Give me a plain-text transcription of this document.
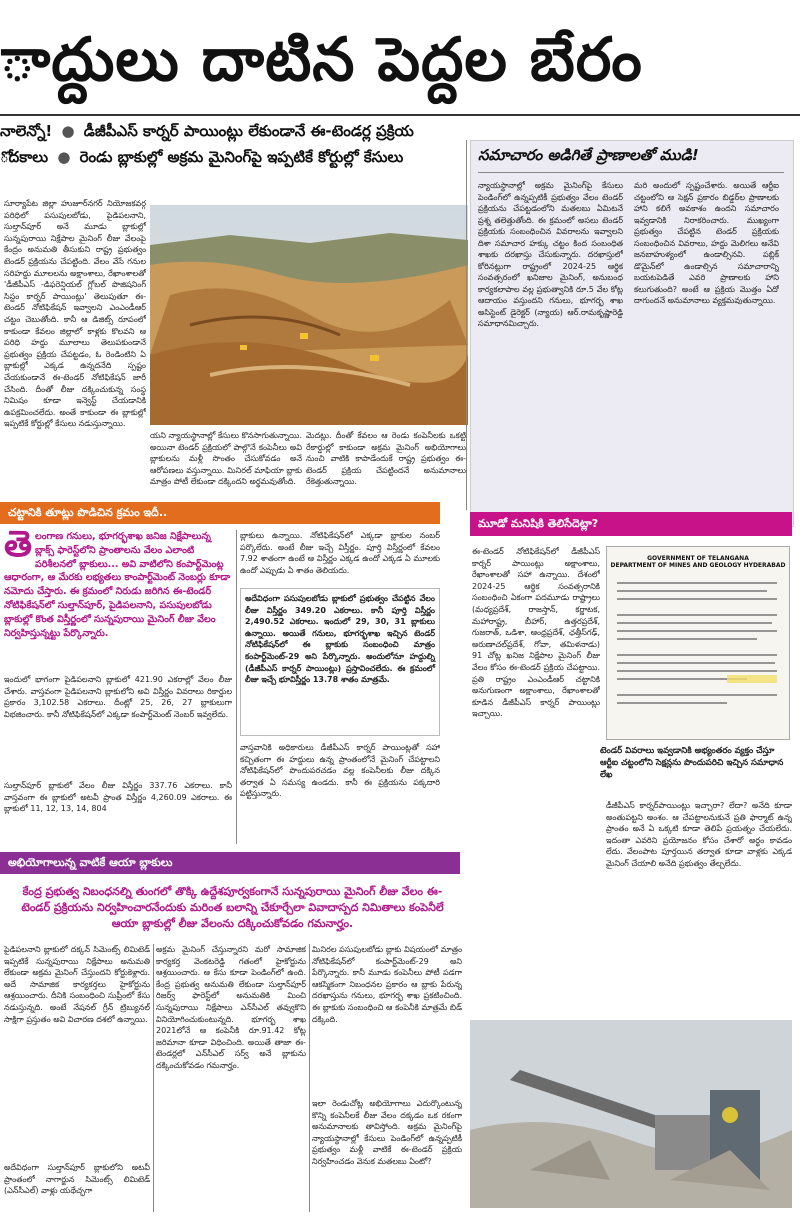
ాద్దులు దాటిన పెద్దల బేరం
నాలెన్నో! ● డీజీపీఎస్ కార్నర్ పాయింట్లు లేకుండానే ఈ-టెండర్ల ప్రక్రియ
ోదకాలు ● రెండు బ్లాకుల్లో అక్రమ మైనింగ్‌పై ఇప్పటికే కోర్టుల్లో కేసులు
సూర్యాపేట జిల్లా హుజూర్‌నగర్ నియోజకవర్గ పరిధిలో పసుపులబోడు, పైడిపలనాని, సుల్తాన్‌పూర్ అనే మూడు బ్లాకుల్లో సున్నపురాయి నిక్షేపాల మైనింగ్ లీజు వేలంపై కేంద్రం అనుమతి తీసుకుని రాష్ట్ర ప్రభుత్వం టెండర్ ప్రక్రియను చేపట్టింది. వేలం వేసే గనుల సరిహద్దు మూలలను అక్షాంశాలు, రేఖాంశాలతో 'డీజీపీఎస్ -డిఫరెన్షియల్ గ్లోబల్ పొజిషనింగ్ సిస్టం కార్నర్ పాయింట్లు' తెలుపుతూ ఈ-టెండర్ నోటిఫికేషన్ ఇవ్వాలని ఎంఎండీఆర్ చట్టం చెబుతోంది. కానీ ఆ డిజిట్స్ రూపంలో కాకుండా కేవలం జిల్లాలో కాళ్లకు కొలవని ఆ పరిధి హద్దు మూలాలు తెలుపకుండానే ప్రభుత్వం ప్రక్రియ చేపట్టడం, ఓ రెండింటిని ఏ బ్లాకుల్లో ఎక్కడ ఉన్నదనేది స్పష్టం చేయకుండానే ఈ-టెండర్ నోటిఫికేషన్ జారీ చేసింది. దీంతో లీజు దక్కించుకున్న సంస్థ నిమిషం కూడా ఇన్వెస్ట్ చేయడానికి ఉపక్రమించలేదు. అంతే కాకుండా ఈ బ్లాకుల్లో ఇప్పటికే కోర్టుల్లో కేసులు నడుస్తున్నాయి.
యని న్యాయస్థానాల్లో కేసులు కొనసాగుతున్నాయి. అయినా టెండర్ ప్రక్రియలో పాల్గొనే కంపెనీలు అవి బ్లాకులను మళ్లీ సొంతం చేసుకోవడం అనే ఆరోపణలు వస్తున్నాయి. మినిరల్ మాఫియా బ్లాకు మాత్రం పోటీ లేకుండా దక్కిందని అర్థమవుతోంది.
మెదట్లు. దీంతో కేవలం ఆ రెండు కంపెనీలకు ఒకట్టి రేకార్డుల్లో కాకుండా అక్రమ మైనింగ్ అభియోగాలు నుంచి వాటికి కాపాడేందుకే రాష్ట్ర ప్రభుత్వం ఈ-టెండర్ ప్రక్రియ చేపట్టిందనే అనుమానాలు రేకెత్తుతున్నాయి.
సమాచారం అడిగితే ప్రాణాలతో ముడి!
న్యాయస్థానాల్లో అక్రమ మైనింగ్‌పై కేసులు పెండింగ్‌లో ఉన్నప్పటికీ ప్రభుత్వం వేలం టెండర్ ప్రక్రియను చేపట్టడంలోని మతలబు ఏమిటనే ప్రశ్న తలెత్తుతోంది. ఈ క్రమంలో అసలు టెండర్ ప్రక్రియకు సంబంధించిన వివరాలను ఇవ్వాలని దిశా సమాచార హక్కు చట్టం కింద సంబంధిత శాఖకు దరఖాస్తు చేసుకున్నారు. దరఖాస్తులో కోరినట్లుగా రాష్ట్రంలో 2024-25 ఆర్థిక సంవత్సరంలో ఖనిజాల మైనింగ్, అనుబంధ కార్యకలాపాల వల్ల ప్రభుత్వానికి రూ.5 వేల కోట్ల ఆదాయం వస్తుందని గనులు, భూగర్భ శాఖ అసిస్టెంట్ డైరెక్టర్ (న్యాయ) ఆర్.రామకృష్ణారెడ్డి సమాధానమిచ్చారు.
మరి అందులో స్పష్టంచేశారు. అయితే ఆర్టీఐ చట్టంలోని ఆ సెక్షన్ ప్రకారం బిడ్డర్‌ల ప్రాణాలకు హాని కలిగే అవకాశం ఉందని సమాచారం ఇవ్వడానికి నిరాకరించారు. ముఖ్యంగా ప్రభుత్వం చేపట్టిన టెండర్ ప్రక్రియకు సంబంధించిన వివరాలు, హద్దు మెలిగలు అనేవి జనబాహుళ్యంలో ఉండాల్సినవి. పబ్లిక్ డొమైన్‌లో ఉండాల్సిన సమాచారాన్ని బయటపెడితే ఎవరి ప్రాణాలకు హాని కలుగుతుంది? అంటే ఆ ప్రక్రియ మొత్తం ఏదో దాగుందనే అనుమానాలు వ్యక్తమవుతున్నాయి.
చట్టానికి తూట్లు పొడిచిన క్రమం ఇదీ..
తె లంగాణ గనులు, భూగర్భశాఖ జనిజ నిక్షేపాలున్న బ్లాక్స్ ఫారెస్ట్‌లోని ప్రాంతాలను వేలం ఎలాంటి పరిశీలనలో బ్లాకులు... అవి వాటిలోని కంపార్ట్‌మెంట్ల ఆధారంగా, ఆ మేరకు లభ్యతలు కాంపార్ట్‌మెంట్ నెంబర్లు కూడా నమోదు చేస్తారు. ఈ క్రమంలో నిరుడు జరిగిన ఈ-టెండర్ నోటిఫికేషన్‌లో సుల్తాన్‌పూర్, పైడిపలనాని, పసుపులబోడు బ్లాకుల్లో కొంత విస్తీర్ణంలో సున్నపురాయి మైనింగ్ లీజు వేలం నిర్వహిస్తున్నట్టు పేర్కొన్నారు.
ఇందులో భాగంగా పైడిపలనాని బ్లాకులో 421.90 ఎకరాల్లో వేలం లీజు చేశారు. వాస్తవంగా పైడిపలనాని బ్లాకులోని అవి విస్తీర్ణం వివరాలు రికార్డుల ప్రకారం 3,102.58 ఎకరాలు. దీంట్లో 25, 26, 27 బ్లాకులుగా విభజించారు. కానీ నోటిఫికేషన్‌లో ఎక్కడా కంపార్ట్‌మెంట్ నెంబర్ ఇవ్వలేదు.
సుల్తాన్‌పూర్ బ్లాకులో వేలం లీజు విస్తీర్ణం 337.76 ఎకరాలు. కానీ వాస్తవంగా ఈ బ్లాకులో అటవీ ప్రాంత విస్తీర్ణం 4,260.09 ఎకరాలు. ఈ బ్లాకులో 11, 12, 13, 14, 804
బ్లాకులు ఉన్నాయి. నోటిఫికేషన్‌లో ఎక్కడా బ్లాకుల నంబర్ పర్కొలేదు. అంటే లీజు ఇచ్చే విస్తీర్ణం. పూర్తి విస్తీర్ణంలో కేవలం 7.92 శాతంగా ఉంటే ఆ విస్తీర్ణం ఎక్కడ ఉందో ఎక్కడ ఏ మూలకు ఉందో ఎప్పుడు ఏ శాతం తెలియదు.
అదేవిధంగా పసుపులబోడు బ్లాకులో ప్రభుత్వం చేపట్టిన వేలం లీజు విస్తీర్ణం 349.20 ఎకరాలు. కానీ పూర్తి విస్తీర్ణం 2,490.52 ఎకరాలు. ఇందులో 29, 30, 31 బ్లాకులు ఉన్నాయి. అయితే గనులు, భూగర్భశాఖ ఇచ్చిన టెండర్ నోటిఫికేషన్‌లో ఈ బ్లాకుకు సంబంధించి మాత్రం కంపార్ట్‌మెంట్-29 అని పేర్కొన్నారు. అందులోనూ హద్దుల్ని (డీజీపీఎస్ కార్నర్ పాయింట్లు) ప్రస్తావించలేదు. ఈ క్రమంలో లీజు ఇచ్చే భూవిస్తీర్ణం 13.78 శాతం మాత్రమే.
వాస్తవానికి అధికారులు డీజీపీఎస్ కార్నర్ పాయింట్లతో సహా కచ్చితంగా ఈ హద్దులు ఉన్న ప్రాంతంలోనే మైనింగ్ చేపట్టాలని నోటిఫికేషన్‌లో పొందుపరచడం వల్ల కంపెనీలకు లీజు దక్కిన తర్వాత ఏ సమస్య ఉండదు. కానీ ఈ ప్రక్రియను పక్కదారి పట్టిస్తున్నారు.
మూడో మనిషికి తెలిసేదెట్లా?
ఈ-టెండర్ నోటిఫికేషన్‌లో డీజీపీఎస్ కార్నర్ పాయింట్లు అక్షాంశాలు, రేఖాంశాలతో సహా ఉన్నాయి. దేశంలో 2024-25 ఆర్థిక సంవత్సరానికి సంబంధించి ఏకంగా పదమూడు రాష్ట్రాలు (మధ్యప్రదేశ్, రాజస్తాన్, కర్ణాటక, మహారాష్ట్ర, బీహార్, ఉత్తరప్రదేశ్, గుజరాత్, ఒడిశా, ఆంధ్రప్రదేశ్, ఛత్తీస్‌గఢ్, అరుణాచల్‌ప్రదేశ్, గోవా, తమిళనాడు) 91 చోట్ల ఖనిజ నిక్షేపాల మైనింగ్ లీజు వేలం కోసం ఈ-టెండర్ ప్రక్రియ చేపట్టాయి. ప్రతి రాష్ట్రం ఎంఎండీఆర్ చట్టానికి అనుగుణంగా అక్షాంశాలు, రేఖాంశాలతో కూడిన డీజీపీఎస్ కార్నర్ పాయింట్లు ఇచ్చాయి.
GOVERNMENT OF TELANGANA
DEPARTMENT OF MINES AND GEOLOGY HYDERABAD
టెండర్ వివరాలు ఇవ్వడానికి అభ్యంతరం వ్యక్తం చేస్తూ ఆర్టీఐ చట్టంలోని సెక్షన్లను పొందుపరిచి ఇచ్చిన సమాధాన లేఖ
డీజీపీఎస్ కార్నర్‌పాయింట్లు ఇచ్చారా? లేదా? అనేది కూడా అంతుపట్టని అంశం. ఆ చేపట్టాలనుకునే ప్రతి ఫార్మాట్ ఉన్న ప్రాంతం అనే ఏ ఒక్కటి కూడా తెలిపే ప్రయత్నం చేయలేదు. ఇదంతా ఎవరిని ప్రయోజనం కోసం చేశారో అర్థం కావడం లేదు. వేలంపాట పూర్తయిన తర్వాత కూడా వాళ్లకు ఎక్కడ మైనింగ్ చేయాలి అనేది ప్రభుత్వం తేల్చలేదు.
అభియోగాలున్న వాటికే ఆయా బ్లాకులు
కేంద్ర ప్రభుత్వ నిబంధనల్ని తుంగలో తొక్కి ఉద్దేశపూర్వకంగానే సున్నపురాయి మైనింగ్ లీజు వేలం ఈ-టెండర్ ప్రక్రియను నిర్వహించారనేందుకు మరింత బలాన్ని చేకూర్చేలా వివాదాస్పద నిమితాలు కంపెనీలే ఆయా బ్లాకుల్లో లీజు వేలంను దక్కించుకోవడం గమనార్హం.
పైడిపలనాని బ్లాకులో దక్కన్ సిమెంట్స్ లిమిటెడ్ ఇప్పటికే సున్నపురాయి నిక్షేపాలు అనుమతి లేకుండా అక్రమ మైనింగ్ చేస్తుందని కోర్టుకెళ్లారు. అదే సామాజిక కార్యకర్తలు హైకోర్టును ఆశ్రయించారు. దీనికి సంబంధించి సుప్రీంలో కేసు నడుస్తున్నది. అంటే నేషనల్ గ్రీన్ ట్రిబ్యునల్ సాక్షిగా ప్రస్తుతం అవి విచారణ దశలో ఉన్నాయి.
అదేవిధంగా సుల్తాన్‌పూర్ బ్లాకులోని అటవీ ప్రాంతంలో నాగార్జున సిమెంట్స్ లిమిటెడ్ (ఎన్‌సీఎల్) వాళ్లు యథేచ్ఛగా
అక్రమ మైనింగ్ చేస్తున్నారని మరో సామాజిక కార్యకర్త వెంకటరెడ్డి గతంలో హైకోర్టును ఆశ్రయించారు. ఆ కేసు కూడా పెండింగ్‌లో ఉంది. కేంద్ర ప్రభుత్వ అనుమతి లేకుండా సుల్తాన్‌పూర్ రిజర్వ్ ఫారెస్ట్‌లో అనుమతికి మించి సున్నపురాయి నిక్షేపాలు ఎన్‌సీఎల్ తవ్వుకొని వినియోగించుకుంటున్నది. భూగర్భ శాఖ 2021లోనే ఆ కంపెనీకి రూ.91.42 కోట్ల జరిమానా కూడా విధించింది. అయితే తాజా ఈ-టెండర్లలో ఎన్‌సీఎల్ సర్వ్ అనే బ్లాకును దక్కించుకోవడం గమనార్హం.
మినిరల పసుపులబోడు బ్లాకు విషయంలో మాత్రం నోటిఫికేషన్‌లో కంపార్ట్‌మెంట్-29 అని పేర్కొన్నారు. కానీ మూడు కంపెనీలు పోటీ పడగా ఆకస్మికంగా నిబంధనల ప్రకారం ఆ బ్లాకు పేరున్న దరఖాస్తును గనులు, భూగర్భ శాఖ ప్రకటించింది. ఈ బ్లాకుకు సంబంధించి ఆ కంపెనీకి మాత్రమే బిడ్ దక్కింది.
ఇలా రెండుచోట్ల అభియోగాలు ఎదుర్కొంటున్న కొన్ని కంపెనీలకే లీజు వేలం దక్కడం ఒక రకంగా అనుమానాలకు తావిస్తోంది. అక్రమ మైనింగ్‌పై న్యాయస్థానాల్లో కేసులు పెండింగ్‌లో ఉన్నప్పటికీ ప్రభుత్వం మళ్లీ వాటికే ఈ-టెండర్ ప్రక్రియ నిర్వహించడం వెనుక మతలబు ఏంటో?
